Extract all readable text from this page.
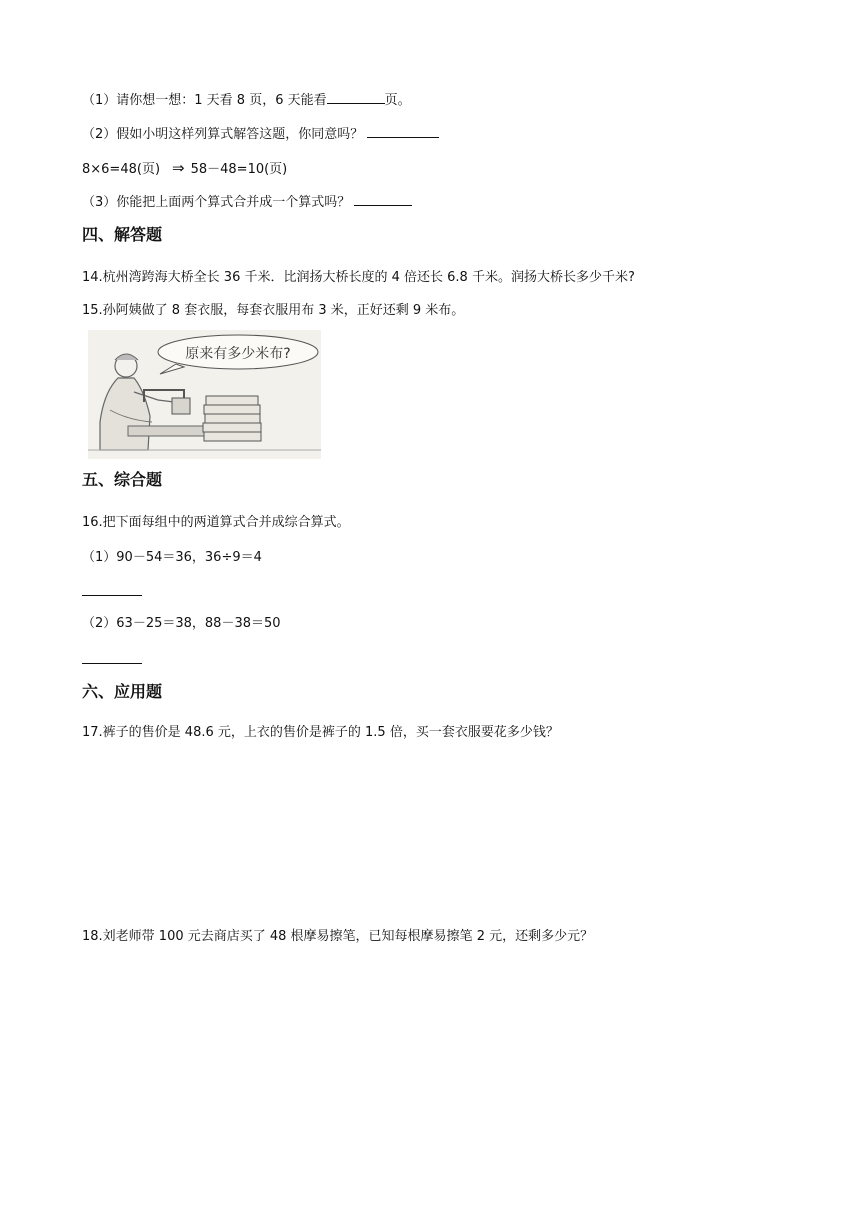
（1）请你想一想：1 天看 8 页，6 天能看	页。
（2）假如小明这样列算式解答这题，你同意吗？
8×6=48(页) ⇒ 58－48=10(页)
（3）你能把上面两个算式合并成一个算式吗？
四、解答题
14.杭州湾跨海大桥全长 36 千米．比润扬大桥长度的 4 倍还长 6.8 千米。润扬大桥长多少千米?
15.孙阿姨做了 8 套衣服，每套衣服用布 3 米，正好还剩 9 米布。
原来有多少米布?
五、综合题
16.把下面每组中的两道算式合并成综合算式。
（1）90－54＝36，36÷9＝4
（2）63－25＝38，88－38＝50
六、应用题
17.裤子的售价是 48.6 元，上衣的售价是裤子的 1.5 倍，买一套衣服要花多少钱？
18.刘老师带 100 元去商店买了 48 根摩易擦笔，已知每根摩易擦笔 2 元，还剩多少元？
